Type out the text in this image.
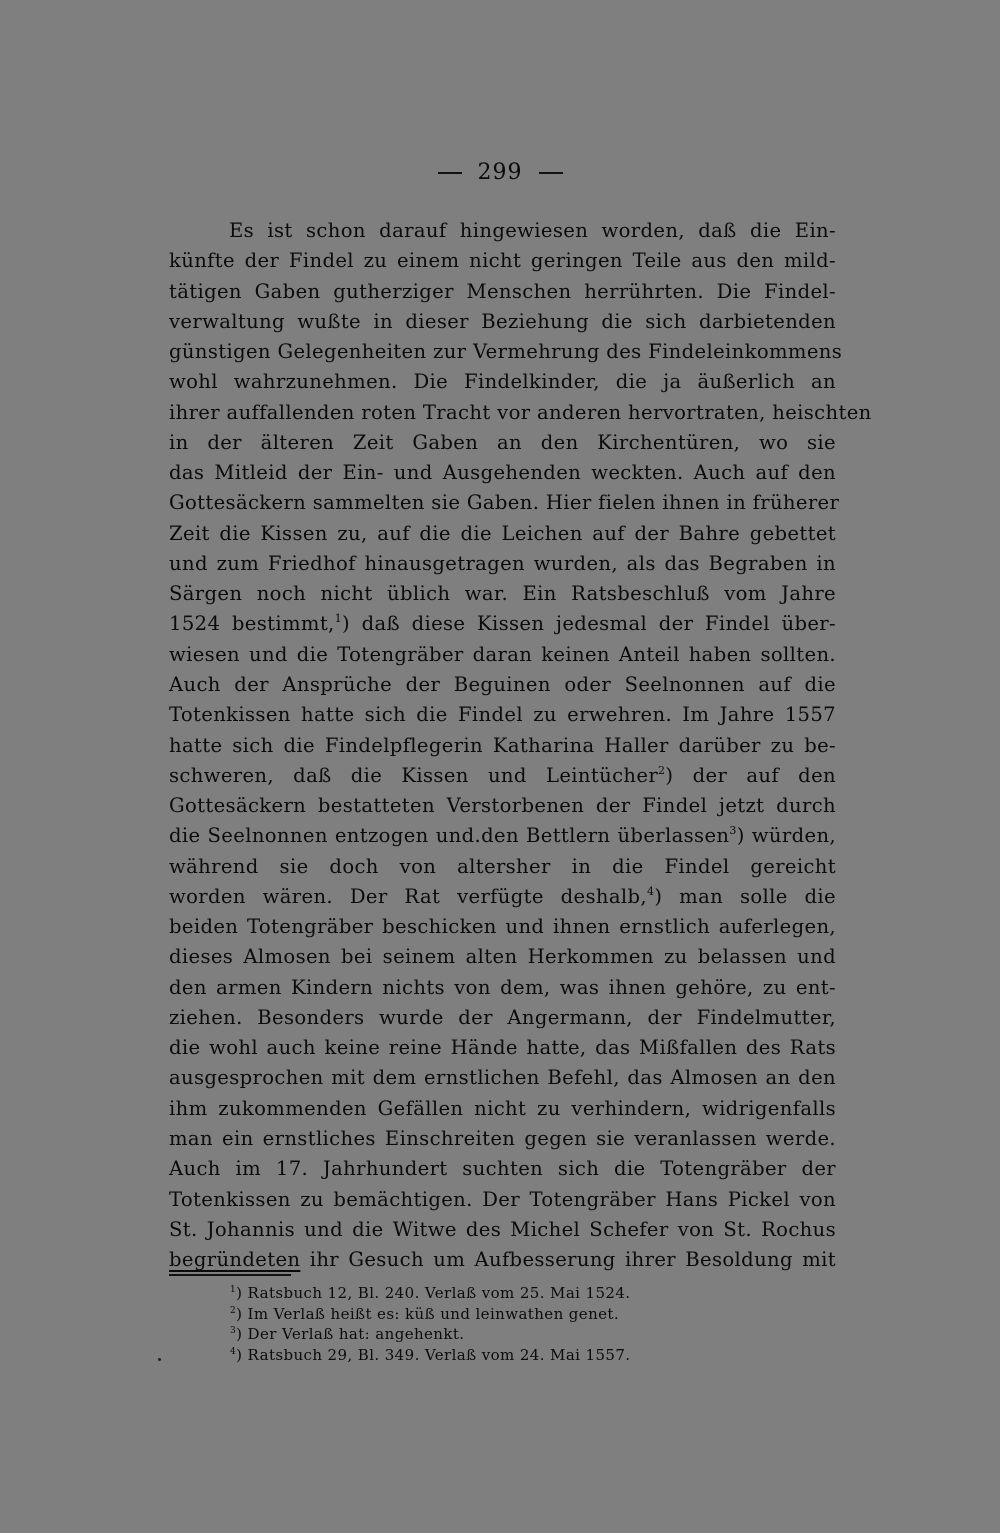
299
Es ist schon darauf hingewiesen worden, daß die Ein-
künfte der Findel zu einem nicht geringen Teile aus den mild-
tätigen Gaben gutherziger Menschen herrührten. Die Findel-
verwaltung wußte in dieser Beziehung die sich darbietenden
günstigen Gelegenheiten zur Vermehrung des Findeleinkommens
wohl wahrzunehmen. Die Findelkinder, die ja äußerlich an
ihrer auffallenden roten Tracht vor anderen hervortraten, heischten
in der älteren Zeit Gaben an den Kirchentüren, wo sie
das Mitleid der Ein- und Ausgehenden weckten. Auch auf den
Gottesäckern sammelten sie Gaben. Hier fielen ihnen in früherer
Zeit die Kissen zu, auf die die Leichen auf der Bahre gebettet
und zum Friedhof hinausgetragen wurden, als das Begraben in
Särgen noch nicht üblich war. Ein Ratsbeschluß vom Jahre
1524 bestimmt,$^1$) daß diese Kissen jedesmal der Findel über-
wiesen und die Totengräber daran keinen Anteil haben sollten.
Auch der Ansprüche der Beguinen oder Seelnonnen auf die
Totenkissen hatte sich die Findel zu erwehren. Im Jahre 1557
hatte sich die Findelpflegerin Katharina Haller darüber zu be-
schweren, daß die Kissen und Leintücher$^2$) der auf den
Gottesäckern bestatteten Verstorbenen der Findel jetzt durch
die Seelnonnen entzogen und.den Bettlern überlassen$^3$) würden,
während sie doch von altersher in die Findel gereicht
worden wären. Der Rat verfügte deshalb,$^4$) man solle die
beiden Totengräber beschicken und ihnen ernstlich auferlegen,
dieses Almosen bei seinem alten Herkommen zu belassen und
den armen Kindern nichts von dem, was ihnen gehöre, zu ent-
ziehen. Besonders wurde der Angermann, der Findelmutter,
die wohl auch keine reine Hände hatte, das Mißfallen des Rats
ausgesprochen mit dem ernstlichen Befehl, das Almosen an den
ihm zukommenden Gefällen nicht zu verhindern, widrigenfalls
man ein ernstliches Einschreiten gegen sie veranlassen werde.
Auch im 17. Jahrhundert suchten sich die Totengräber der
Totenkissen zu bemächtigen. Der Totengräber Hans Pickel von
St. Johannis und die Witwe des Michel Schefer von St. Rochus
begründeten ihr Gesuch um Aufbesserung ihrer Besoldung mit
$^1$) Ratsbuch 12, Bl. 240. Verlaß vom 25. Mai 1524.
$^2$) Im Verlaß heißt es: küß und leinwathen genet.
$^3$) Der Verlaß hat: angehenkt.
$^4$) Ratsbuch 29, Bl. 349. Verlaß vom 24. Mai 1557.
